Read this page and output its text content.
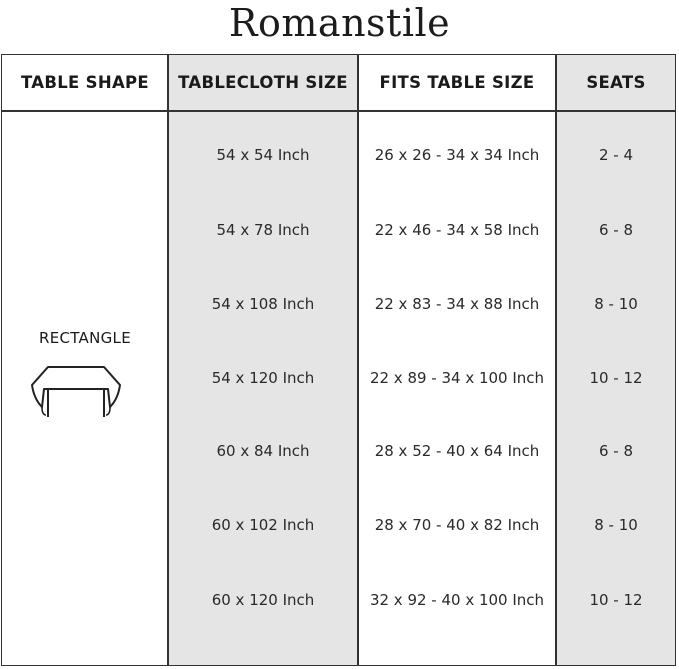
Romanstile
TABLE SHAPE	TABLECLOTH SIZE	FITS TABLE SIZE	SEATS
RECTANGLE
54 x 54 Inch	26 x 26 - 34 x 34 Inch	2 - 4
54 x 78 Inch	22 x 46 - 34 x 58 Inch	6 - 8
54 x 108 Inch	22 x 83 - 34 x 88 Inch	8 - 10
54 x 120 Inch	22 x 89 - 34 x 100 Inch	10 - 12
60 x 84 Inch	28 x 52 - 40 x 64 Inch	6 - 8
60 x 102 Inch	28 x 70 - 40 x 82 Inch	8 - 10
60 x 120 Inch	32 x 92 - 40 x 100 Inch	10 - 12
